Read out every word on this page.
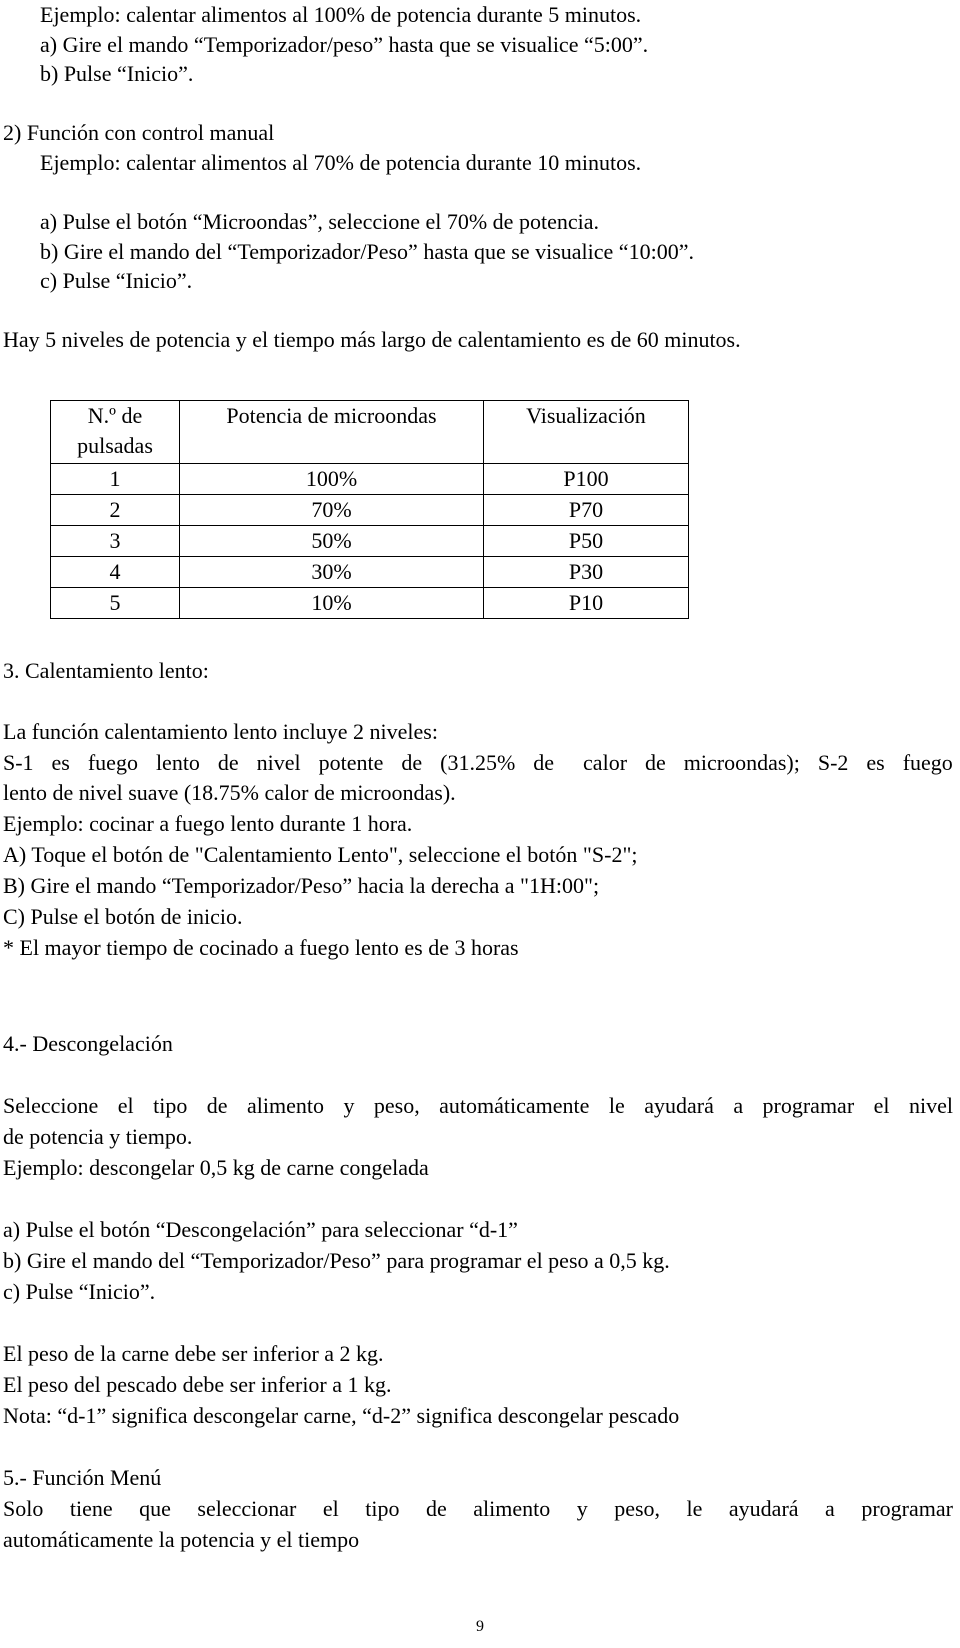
Ejemplo: calentar alimentos al 100% de potencia durante 5 minutos.
a) Gire el mando “Temporizador/peso” hasta que se visualice “5:00”.
b) Pulse “Inicio”.
2) Función con control manual
Ejemplo: calentar alimentos al 70% de potencia durante 10 minutos.
a) Pulse el botón “Microondas”, seleccione el 70% de potencia.
b) Gire el mando del “Temporizador/Peso” hasta que se visualice “10:00”.
c) Pulse “Inicio”.
Hay 5 niveles de potencia y el tiempo más largo de calentamiento es de 60 minutos.
N.º de
pulsadas	Potencia de microondas	Visualización
1	100%	P100
2	70%	P70
3	50%	P50
4	30%	P30
5	10%	P10
3. Calentamiento lento:
La función calentamiento lento incluye 2 niveles:
S-1 es fuego lento de nivel potente de (31.25% de calor de microondas); S-2 es fuego
lento de nivel suave (18.75% calor de microondas).
Ejemplo: cocinar a fuego lento durante 1 hora.
A) Toque el botón de "Calentamiento Lento", seleccione el botón "S-2";
B) Gire el mando “Temporizador/Peso” hacia la derecha a "1H:00";
C) Pulse el botón de inicio.
* El mayor tiempo de cocinado a fuego lento es de 3 horas
4.- Descongelación
Seleccione el tipo de alimento y peso, automáticamente le ayudará a programar el nivel
de potencia y tiempo.
Ejemplo: descongelar 0,5 kg de carne congelada
a) Pulse el botón “Descongelación” para seleccionar “d-1”
b) Gire el mando del “Temporizador/Peso” para programar el peso a 0,5 kg.
c) Pulse “Inicio”.
El peso de la carne debe ser inferior a 2 kg.
El peso del pescado debe ser inferior a 1 kg.
Nota: “d-1” significa descongelar carne, “d-2” significa descongelar pescado
5.- Función Menú
Solo tiene que seleccionar el tipo de alimento y peso, le ayudará a programar
automáticamente la potencia y el tiempo
9
